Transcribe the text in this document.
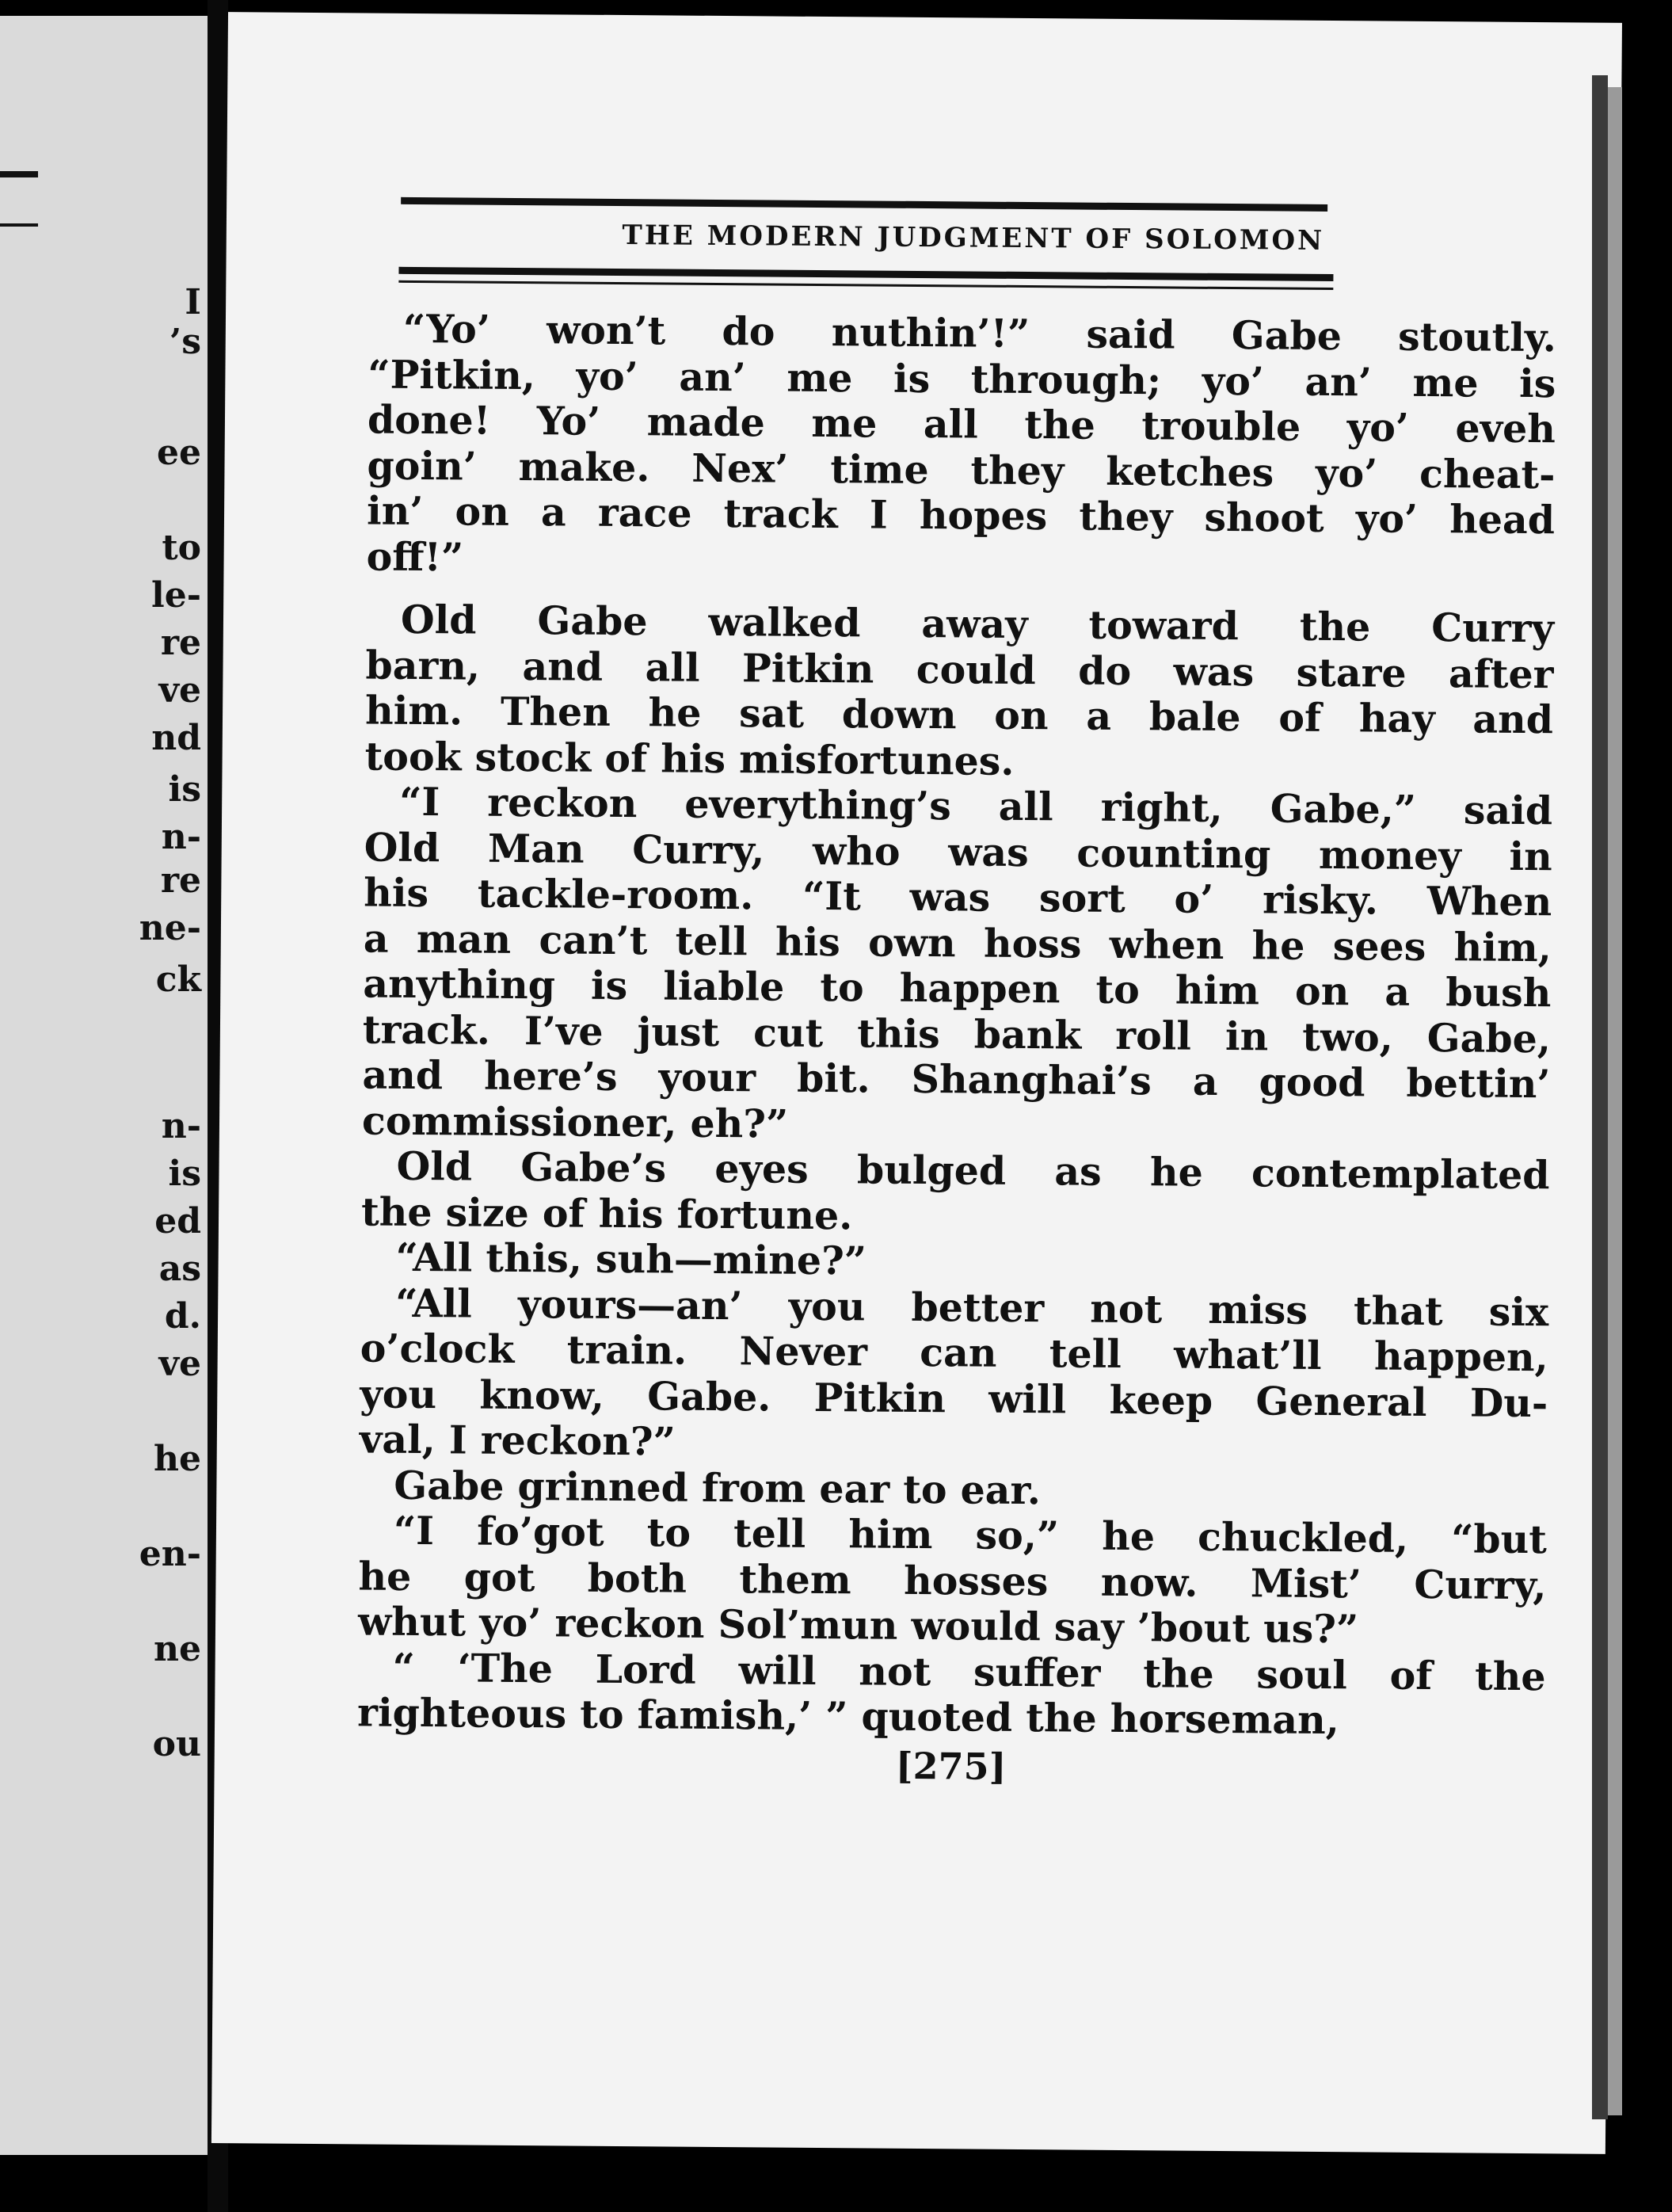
I
’s
ee
to
le-
re
ve
nd
is
n-
re
ne-
ck
n-
is
ed
as
d.
ve
he
en-
ne
ou
THE MODERN JUDGMENT OF SOLOMON
“Yo’ won’t do nuthin’!” said Gabe stoutly.
“Pitkin, yo’ an’ me is through; yo’ an’ me is
done! Yo’ made me all the trouble yo’ eveh
goin’ make. Nex’ time they ketches yo’ cheat-
in’ on a race track I hopes they shoot yo’ head
off!”
Old Gabe walked away toward the Curry
barn, and all Pitkin could do was stare after
him. Then he sat down on a bale of hay and
took stock of his misfortunes.
“I reckon everything’s all right, Gabe,” said
Old Man Curry, who was counting money in
his tackle-room. “It was sort o’ risky. When
a man can’t tell his own hoss when he sees him,
anything is liable to happen to him on a bush
track. I’ve just cut this bank roll in two, Gabe,
and here’s your bit. Shanghai’s a good bettin’
commissioner, eh?”
Old Gabe’s eyes bulged as he contemplated
the size of his fortune.
“All this, suh—mine?”
“All yours—an’ you better not miss that six
o’clock train. Never can tell what’ll happen,
you know, Gabe. Pitkin will keep General Du-
val, I reckon?”
Gabe grinned from ear to ear.
“I fo’got to tell him so,” he chuckled, “but
he got both them hosses now. Mist’ Curry,
whut yo’ reckon Sol’mun would say ’bout us?”
“ ‘The Lord will not suffer the soul of the
righteous to famish,’ ” quoted the horseman,
[275]
